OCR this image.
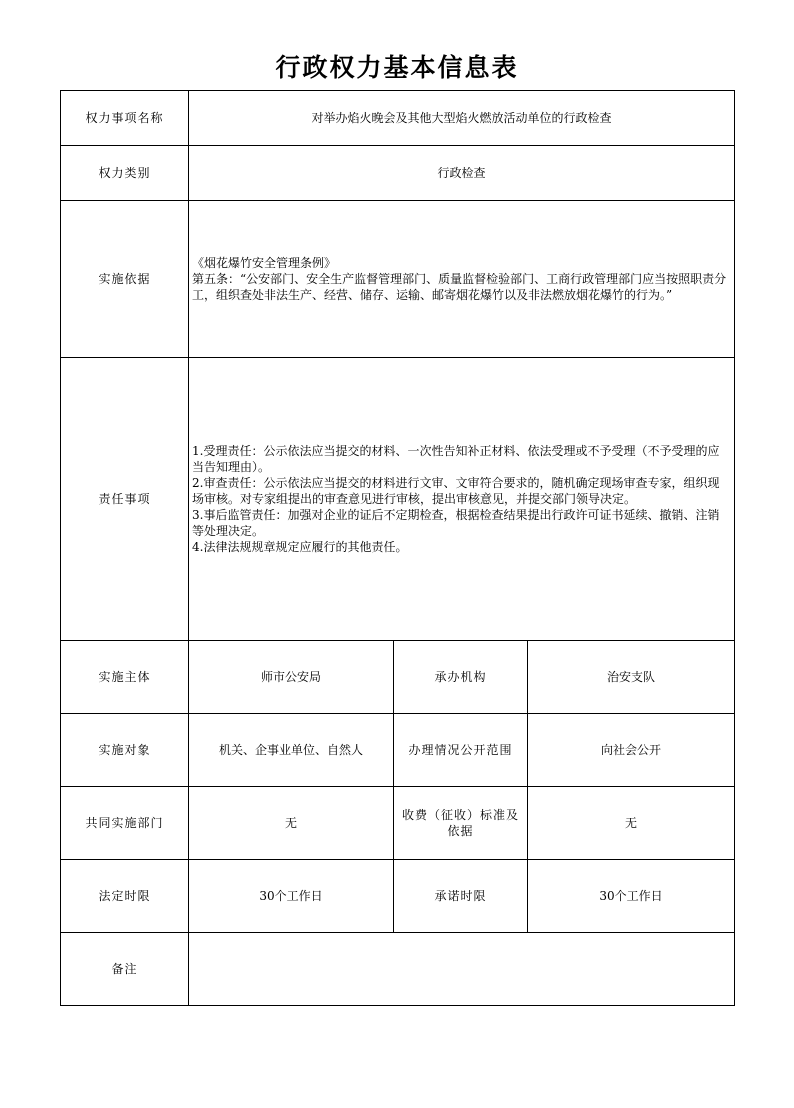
行政权力基本信息表
权力事项名称	对举办焰火晚会及其他大型焰火燃放活动单位的行政检查		
权力类别	行政检查		
实施依据	《烟花爆竹安全管理条例》
第五条：“公安部门、安全生产监督管理部门、质量监督检验部门、工商行政管理部门应当按照职责分工，组织查处非法生产、经营、储存、运输、邮寄烟花爆竹以及非法燃放烟花爆竹的行为。”		
责任事项	1.受理责任：公示依法应当提交的材料、一次性告知补正材料、依法受理或不予受理（不予受理的应当告知理由）。
2.审查责任：公示依法应当提交的材料进行文审、文审符合要求的，随机确定现场审查专家，组织现场审核。对专家组提出的审查意见进行审核，提出审核意见，并提交部门领导决定。
3.事后监管责任：加强对企业的证后不定期检查，根据检查结果提出行政许可证书延续、撤销、注销等处理决定。
4.法律法规规章规定应履行的其他责任。		
实施主体	师市公安局	承办机构	治安支队
实施对象	机关、企事业单位、自然人	办理情况公开范围	向社会公开
共同实施部门	无	收费（征收）标准及依据	无
法定时限	30个工作日	承诺时限	30个工作日
备注			
